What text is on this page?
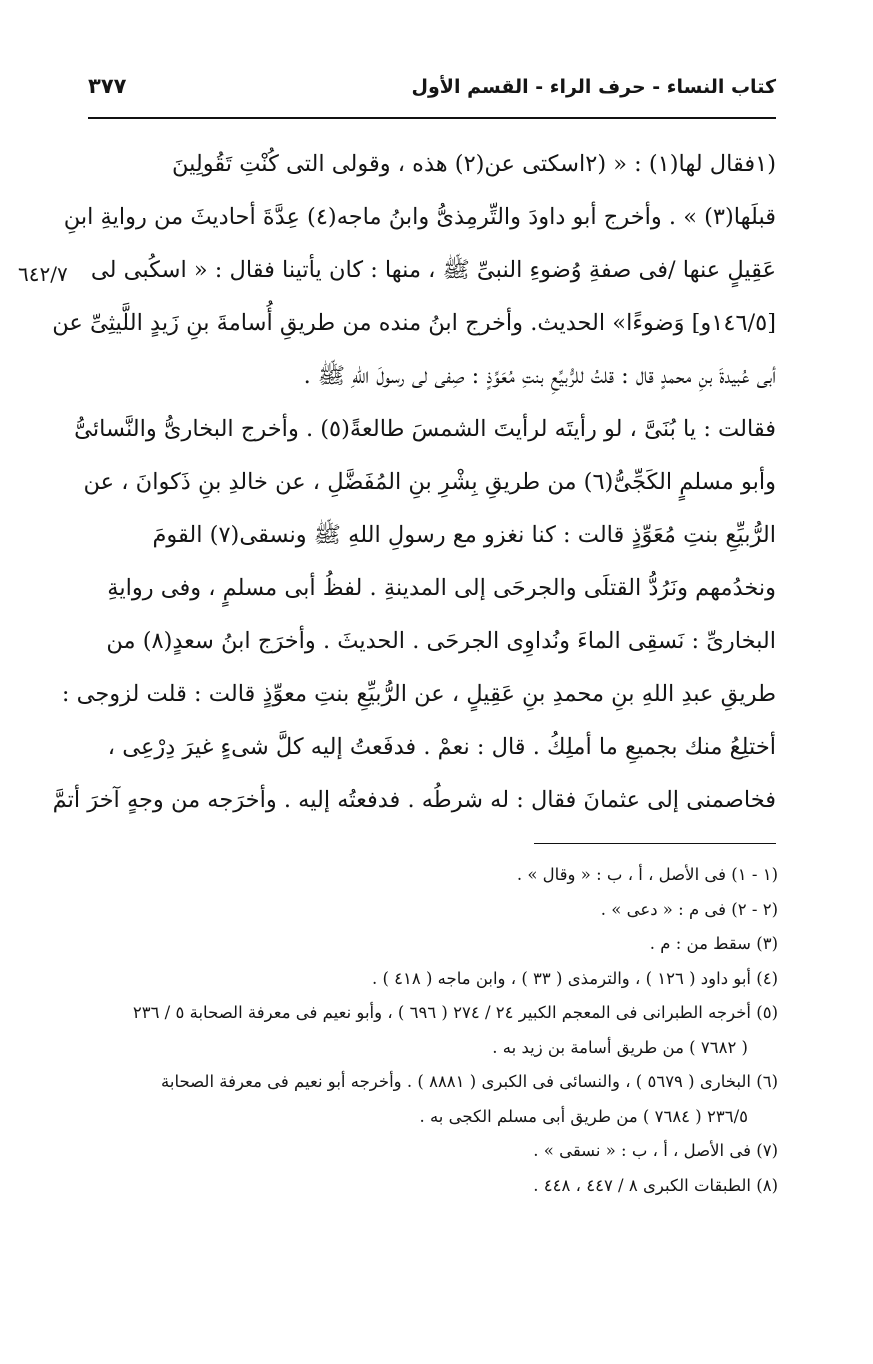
كتاب النساء - حرف الراء - القسم الأول
٣٧٧
٦٤٢/٧
(١فقال لها(١) : « (٢اسكتى عن(٢) هذه ، وقولى التى كُنْتِ تَقُولِينَ
قبلَها(٣) » . وأخرج أبو داودَ والتِّرمِذىُّ وابنُ ماجه(٤) عِدَّةَ أحاديثَ من روايةِ ابنِ
عَقِيلٍ عنها /فى صفةِ وُضوءِ النبىِّ ﷺ ، منها : كان يأتينا فقال : « اسكُبى لى
[١٤٦/٥و] وَضوءًا» الحديث. وأخرج ابنُ منده من طريقِ أُسامةَ بنِ زَيدٍ اللَّيثِىِّ عن
أبى عُبيدةَ بنِ محمدٍ قال : قلتُ للرُّبيِّعِ بنتِ مُعَوِّذٍ : صِفى لى رسولَ اللهِ ﷺ .
فقالت : يا بُنَىَّ ، لو رأيتَه لرأيتَ الشمسَ طالعةً(٥) . وأخرج البخارىُّ والنَّسائىُّ
وأبو مسلمٍ الكَجِّىُّ(٦) من طريقِ بِشْرِ بنِ المُفَضَّلِ ، عن خالدِ بنِ ذَكوانَ ، عن
الرُّبيِّعِ بنتِ مُعَوِّذٍ قالت : كنا نغزو مع رسولِ اللهِ ﷺ ونسقى(٧) القومَ
ونخدُمهم ونَرُدُّ القتلَى والجرحَى إلى المدينةِ . لفظُ أبى مسلمٍ ، وفى روايةِ
البخارىِّ : نَسقِى الماءَ ونُداوِى الجرحَى . الحديثَ . وأخرَج ابنُ سعدٍ(٨) من
طريقِ عبدِ اللهِ بنِ محمدِ بنِ عَقِيلٍ ، عن الرُّبيِّعِ بنتِ معوِّذٍ قالت : قلت لزوجى :
أختلِعُ منك بجميعِ ما أملِكُ . قال : نعمْ . فدفَعتُ إليه كلَّ شىءٍ غيرَ دِرْعِى ،
فخاصمنى إلى عثمانَ فقال : له شرطُه . فدفعتُه إليه . وأخرَجه من وجهٍ آخرَ أتمَّ
(١ - ١) فى الأصل ، أ ، ب : « وقال » .
(٢ - ٢) فى م : « دعى » .
(٣) سقط من : م .
(٤) أبو داود ( ١٢٦ ) ، والترمذى ( ٣٣ ) ، وابن ماجه ( ٤١٨ ) .
(٥) أخرجه الطبرانى فى المعجم الكبير ٢٤ / ٢٧٤ ( ٦٩٦ ) ، وأبو نعيم فى معرفة الصحابة ٥ / ٢٣٦
( ٧٦٨٢ ) من طريق أسامة بن زيد به .
(٦) البخارى ( ٥٦٧٩ ) ، والنسائى فى الكبرى ( ٨٨٨١ ) . وأخرجه أبو نعيم فى معرفة الصحابة
٢٣٦/٥ ( ٧٦٨٤ ) من طريق أبى مسلم الكجى به .
(٧) فى الأصل ، أ ، ب : « نسقى » .
(٨) الطبقات الكبرى ٨ / ٤٤٧ ، ٤٤٨ .
